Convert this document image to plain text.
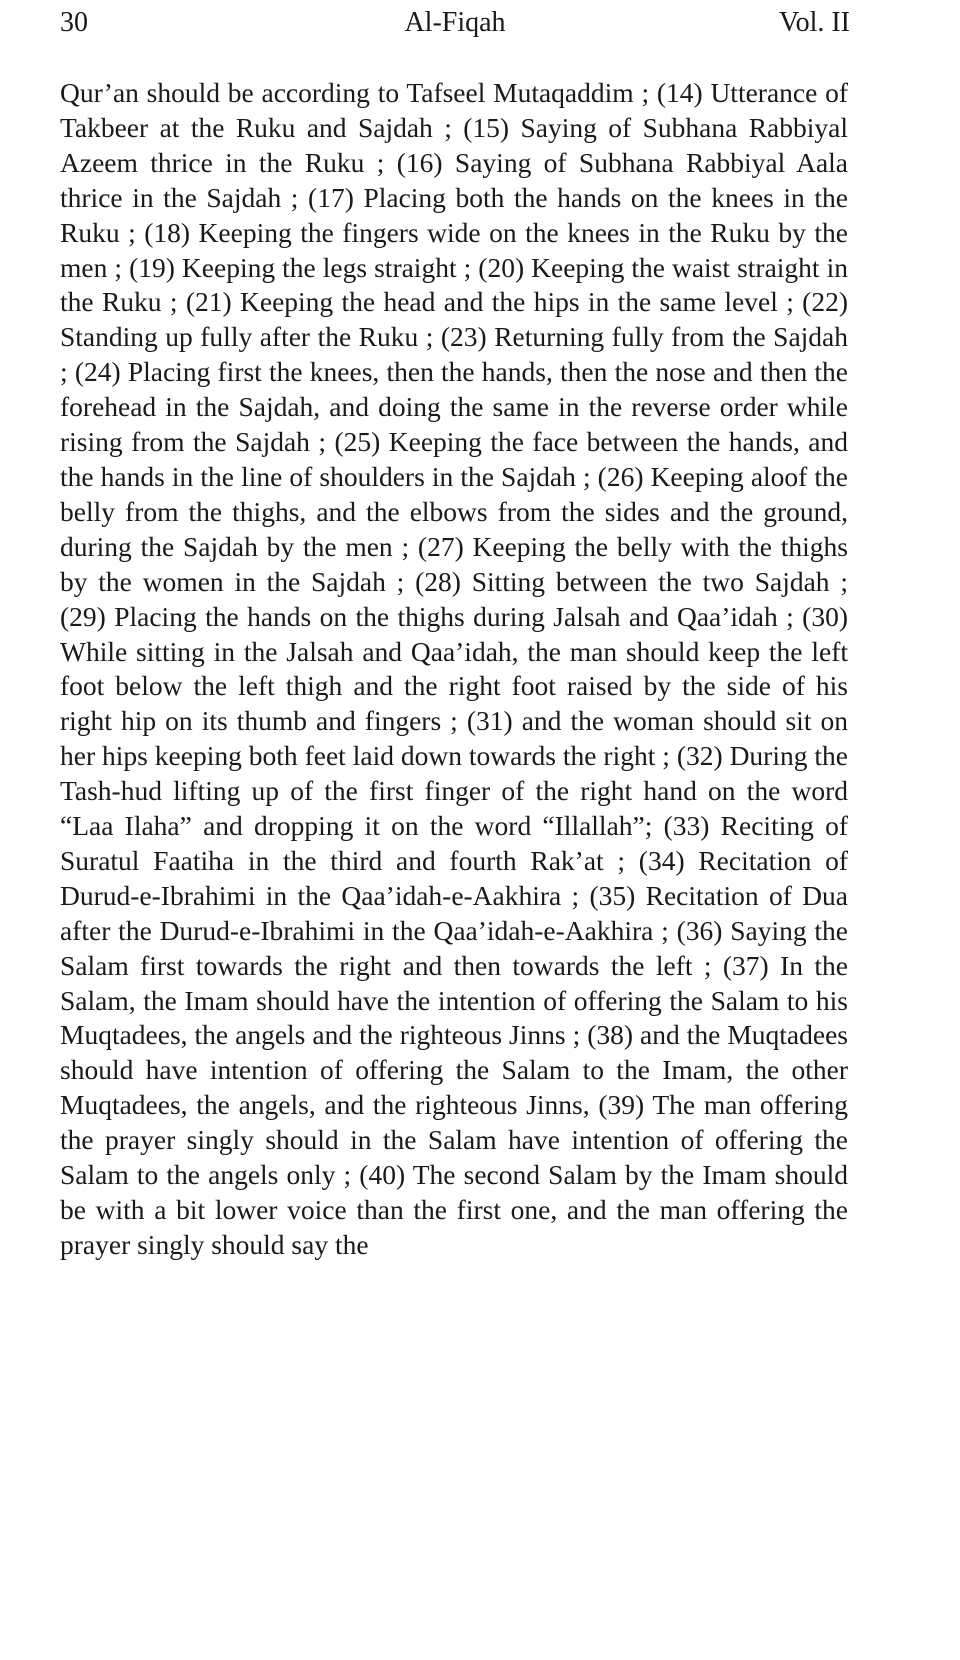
30	Al-Fiqah	Vol. II

Qur’an should be according to Tafseel Mutaqaddim ; (14) Utterance of Takbeer at the Ruku and Sajdah ; (15) Saying of Subhana Rabbiyal Azeem thrice in the Ruku ; (16) Saying of Subhana Rabbiyal Aala thrice in the Sajdah ; (17) Placing both the hands on the knees in the Ruku ; (18) Keeping the fingers wide on the knees in the Ruku by the men ; (19) Keeping the legs straight ; (20) Keeping the waist straight in the Ruku ; (21) Keeping the head and the hips in the same level ; (22) Standing up fully after the Ruku ; (23) Returning fully from the Sajdah ; (24) Placing first the knees, then the hands, then the nose and then the forehead in the Sajdah, and doing the same in the reverse order while rising from the Sajdah ; (25) Keeping the face between the hands, and the hands in the line of shoulders in the Sajdah ; (26) Keeping aloof the belly from the thighs, and the elbows from the sides and the ground, during the Sajdah by the men ; (27) Keeping the belly with the thighs by the women in the Sajdah ; (28) Sitting between the two Sajdah ; (29) Placing the hands on the thighs during Jalsah and Qaa’idah ; (30) While sitting in the Jalsah and Qaa’idah, the man should keep the left foot below the left thigh and the right foot raised by the side of his right hip on its thumb and fingers ; (31) and the woman should sit on her hips keeping both feet laid down towards the right ; (32) During the Tash-hud lifting up of the first finger of the right hand on the word “Laa Ilaha” and dropping it on the word “Illallah”; (33) Reciting of Suratul Faatiha in the third and fourth Rak’at ; (34) Recitation of Durud-e-Ibrahimi in the Qaa’idah-e-Aakhira ; (35) Recitation of Dua after the Durud-e-Ibrahimi in the Qaa’idah-e-Aakhira ; (36) Saying the Salam first towards the right and then towards the left ; (37) In the Salam, the Imam should have the intention of offering the Salam to his Muqtadees, the angels and the righteous Jinns ; (38) and the Muqtadees should have intention of offering the Salam to the Imam, the other Muqtadees, the angels, and the righteous Jinns, (39) The man offering the prayer singly should in the Salam have intention of offering the Salam to the angels only ; (40) The second Salam by the Imam should be with a bit lower voice than the first one, and the man offering the prayer singly should say the
